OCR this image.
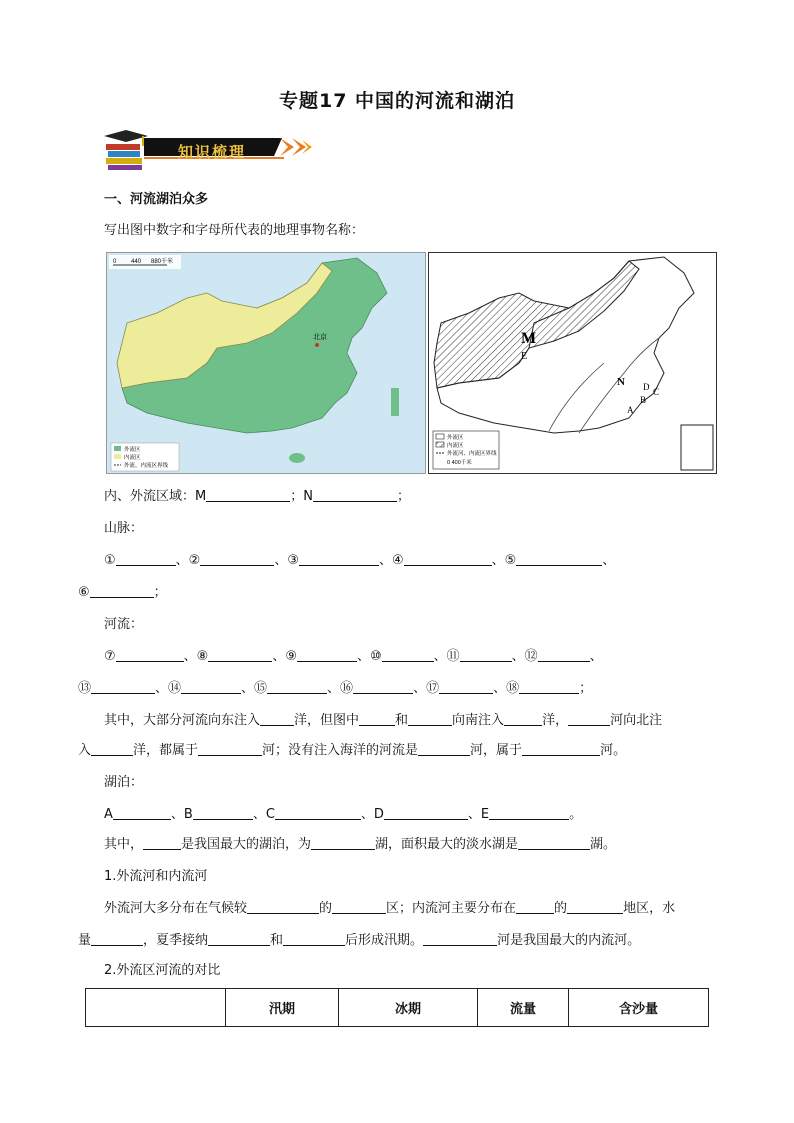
专题17 中国的河流和湖泊
知识梳理
一、河流湖泊众多
写出图中数字和字母所代表的地理事物名称：
0 440 880千米
北京
外流区
内流区
外流、内流区界线
M
E
N
A
B
C
D
外流区
内流区
外流河、内流区界线
0 400千米
内、外流区域：M	；N	；
山脉：
①	、②	、③	、④	、⑤	、
⑥	；
河流：
⑦	、⑧	、⑨	、⑩	、⑪	、⑫	、
⑬	、⑭	、⑮	、⑯	、⑰	、⑱	；
其中，大部分河流向东注入	洋，但图中	和	向南注入	洋，	河向北注
入	洋，都属于	河；没有注入海洋的河流是	河，属于	河。
湖泊：
A	、B	、C	、D	、E	。
其中，	是我国最大的湖泊，为	湖，面积最大的淡水湖是	湖。
1.外流河和内流河
外流河大多分布在气候较	的	区；内流河主要分布在	的	地区，水
量	，夏季接纳	和	后形成汛期。	河是我国最大的内流河。
2.外流区河流的对比
	汛期	冰期	流量	含沙量
